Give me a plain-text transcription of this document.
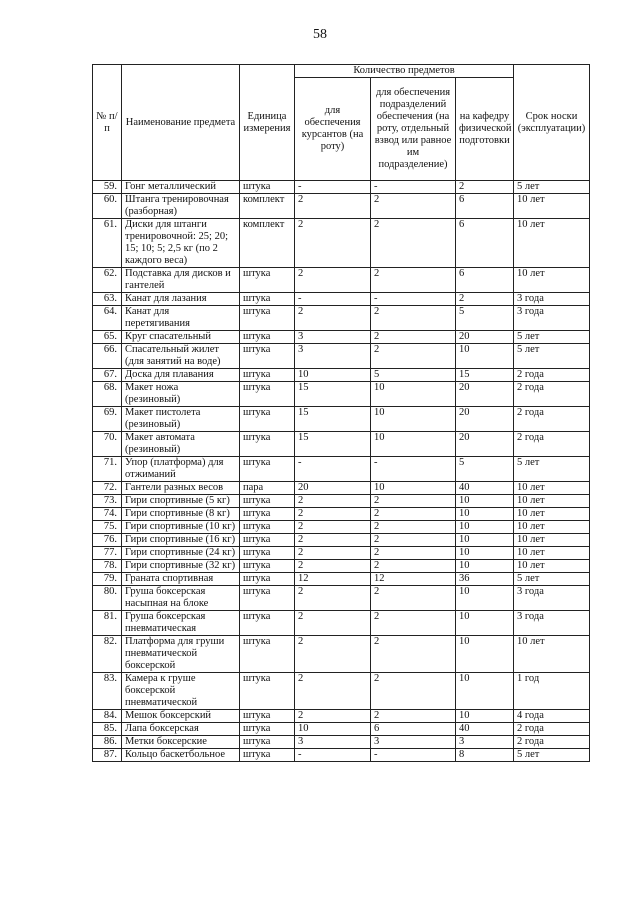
58
№ п/п	Наименование предмета	Единица измерения	Количество предметов			Срок носки (эксплуатации)
			для обеспечения курсантов (на роту)	для обеспечения подразделений обеспечения (на роту, отдельный взвод или равное им подразделение)	на кафедру физической подготовки	
59.	Гонг металлический	штука	-	-	2	5 лет
60.	Штанга тренировочная (разборная)	комплект	2	2	6	10 лет
61.	Диски для штанги тренировочной: 25; 20; 15; 10; 5; 2,5 кг (по 2 каждого веса)	комплект	2	2	6	10 лет
62.	Подставка для дисков и гантелей	штука	2	2	6	10 лет
63.	Канат для лазания	штука	-	-	2	3 года
64.	Канат для перетягивания	штука	2	2	5	3 года
65.	Круг спасательный	штука	3	2	20	5 лет
66.	Спасательный жилет (для занятий на воде)	штука	3	2	10	5 лет
67.	Доска для плавания	штука	10	5	15	2 года
68.	Макет ножа (резиновый)	штука	15	10	20	2 года
69.	Макет пистолета (резиновый)	штука	15	10	20	2 года
70.	Макет автомата (резиновый)	штука	15	10	20	2 года
71.	Упор (платформа) для отжиманий	штука	-	-	5	5 лет
72.	Гантели разных весов	пара	20	10	40	10 лет
73.	Гири спортивные (5 кг)	штука	2	2	10	10 лет
74.	Гири спортивные (8 кг)	штука	2	2	10	10 лет
75.	Гири спортивные (10 кг)	штука	2	2	10	10 лет
76.	Гири спортивные (16 кг)	штука	2	2	10	10 лет
77.	Гири спортивные (24 кг)	штука	2	2	10	10 лет
78.	Гири спортивные (32 кг)	штука	2	2	10	10 лет
79.	Граната спортивная	штука	12	12	36	5 лет
80.	Груша боксерская насыпная на блоке	штука	2	2	10	3 года
81.	Груша боксерская пневматическая	штука	2	2	10	3 года
82.	Платформа для груши пневматической боксерской	штука	2	2	10	10 лет
83.	Камера к груше боксерской пневматической	штука	2	2	10	1 год
84.	Мешок боксерский	штука	2	2	10	4 года
85.	Лапа боксерская	штука	10	6	40	2 года
86.	Метки боксерские	штука	3	3	3	2 года
87.	Кольцо баскетбольное	штука	-	-	8	5 лет
